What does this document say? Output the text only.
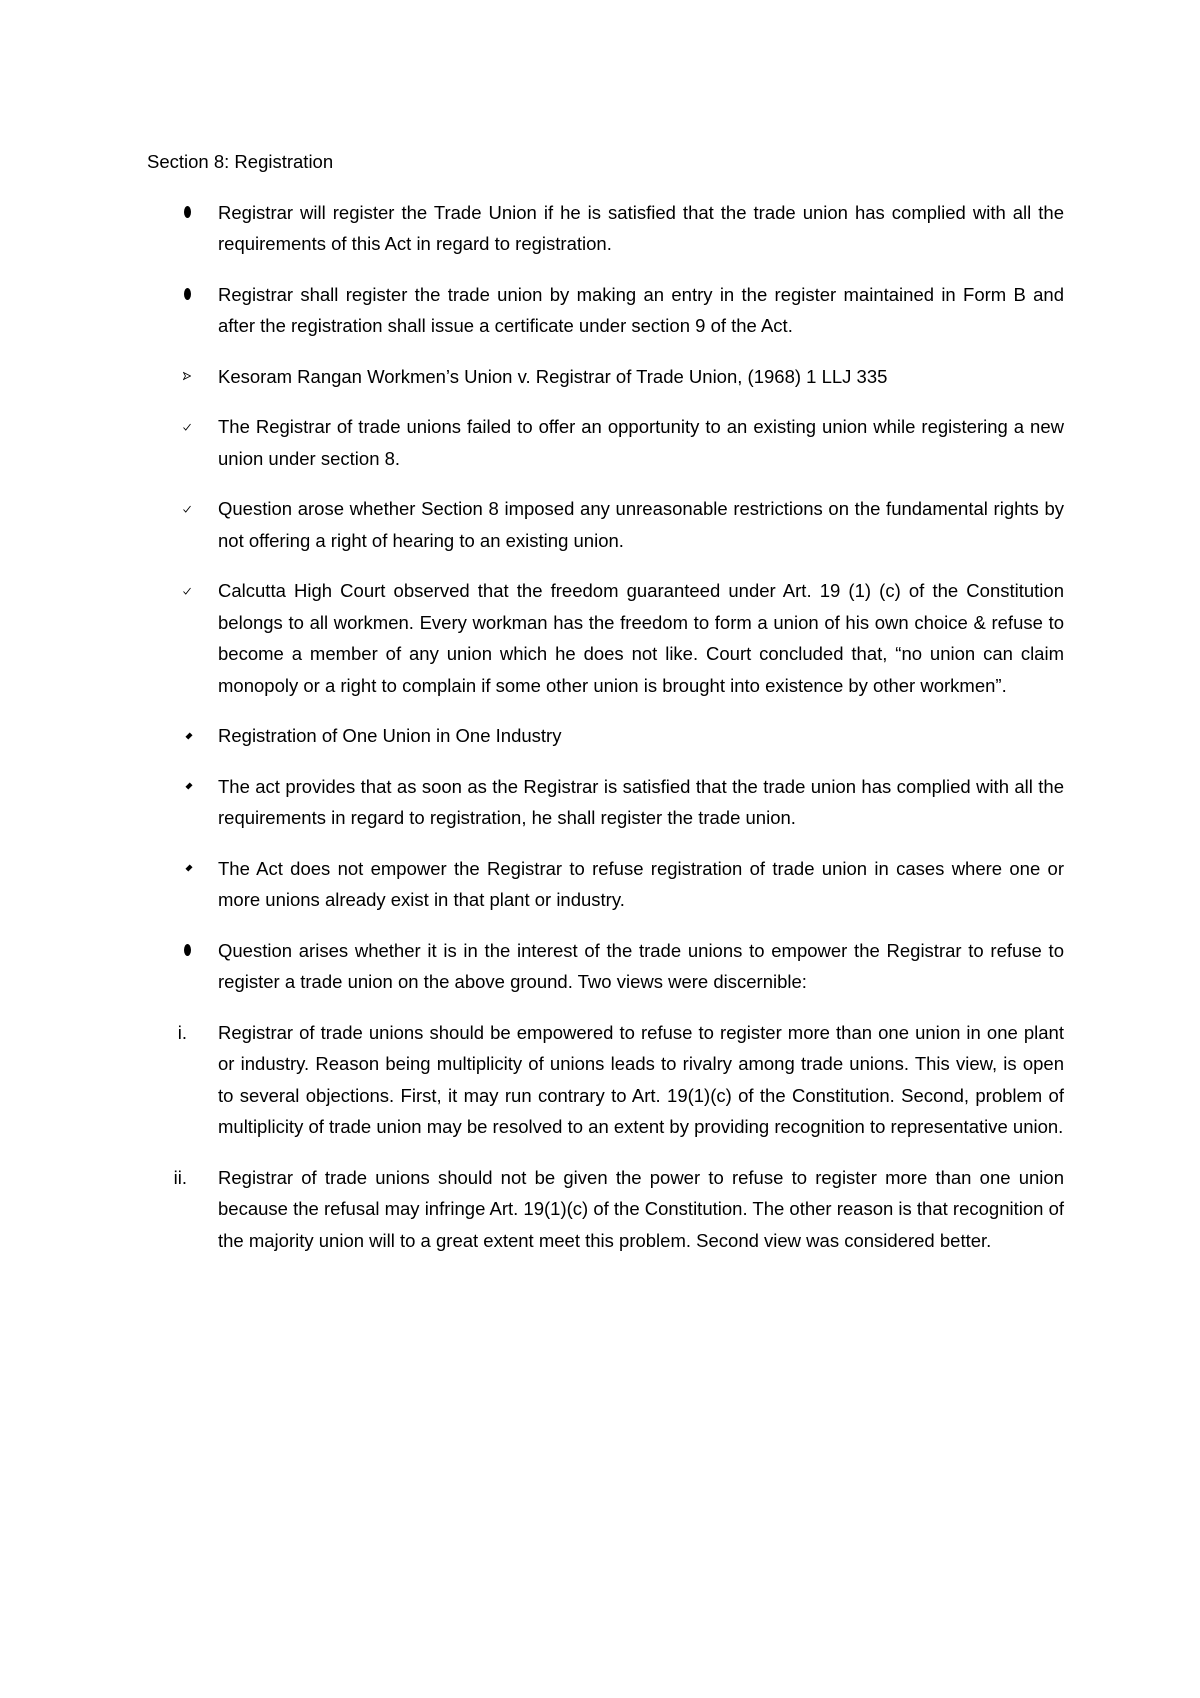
Section 8: Registration
Registrar will register the Trade Union if he is satisfied that the trade union has complied with all the requirements of this Act in regard to registration.
Registrar shall register the trade union by making an entry in the register maintained in Form B and after the registration shall issue a certificate under section 9 of the Act.
Kesoram Rangan Workmen’s Union v. Registrar of Trade Union, (1968) 1 LLJ 335
The Registrar of trade unions failed to offer an opportunity to an existing union while registering a new union under section 8.
Question arose whether Section 8 imposed any unreasonable restrictions on the fundamental rights by not offering a right of hearing to an existing union.
Calcutta High Court observed that the freedom guaranteed under Art. 19 (1) (c) of the Constitution belongs to all workmen. Every workman has the freedom to form a union of his own choice & refuse to become a member of any union which he does not like. Court concluded that, “no union can claim monopoly or a right to complain if some other union is brought into existence by other workmen”.
Registration of One Union in One Industry
The act provides that as soon as the Registrar is satisfied that the trade union has complied with all the requirements in regard to registration, he shall register the trade union.
The Act does not empower the Registrar to refuse registration of trade union in cases where one or more unions already exist in that plant or industry.
Question arises whether it is in the interest of the trade unions to empower the Registrar to refuse to register a trade union on the above ground. Two views were discernible:
i. Registrar of trade unions should be empowered to refuse to register more than one union in one plant or industry. Reason being multiplicity of unions leads to rivalry among trade unions. This view, is open to several objections. First, it may run contrary to Art. 19(1)(c) of the Constitution. Second, problem of multiplicity of trade union may be resolved to an extent by providing recognition to representative union.
ii. Registrar of trade unions should not be given the power to refuse to register more than one union because the refusal may infringe Art. 19(1)(c) of the Constitution. The other reason is that recognition of the majority union will to a great extent meet this problem. Second view was considered better.
